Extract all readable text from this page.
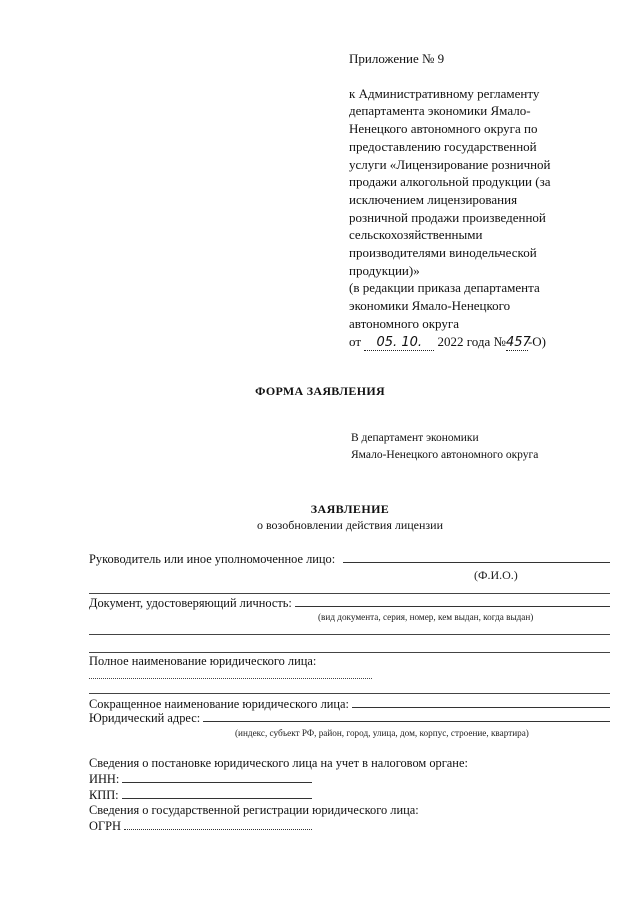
Приложение № 9
к Административному регламенту
департамента экономики Ямало-
Ненецкого автономного округа по
предоставлению государственной
услуги «Лицензирование розничной
продажи алкогольной продукции (за
исключением лицензирования
розничной продажи произведенной
сельскохозяйственными
производителями винодельческой
продукции)»
(в редакции приказа департамента
экономики Ямало-Ненецкого
автономного округа
от 05. 10. 2022 года №457-О)
ФОРМА ЗАЯВЛЕНИЯ
В департамент экономики
Ямало-Ненецкого автономного округа
ЗАЯВЛЕНИЕ
о возобновлении действия лицензии
Руководитель или иное уполномоченное лицо:
(Ф.И.О.)
Документ, удостоверяющий личность:
(вид документа, серия, номер, кем выдан, когда выдан)
Полное наименование юридического лица:
Сокращенное наименование юридического лица:
Юридический адрес:
(индекс, субъект РФ, район, город, улица, дом, корпус, строение, квартира)
Сведения о постановке юридического лица на учет в налоговом органе:
ИНН:
КПП:
Сведения о государственной регистрации юридического лица:
ОГРН
